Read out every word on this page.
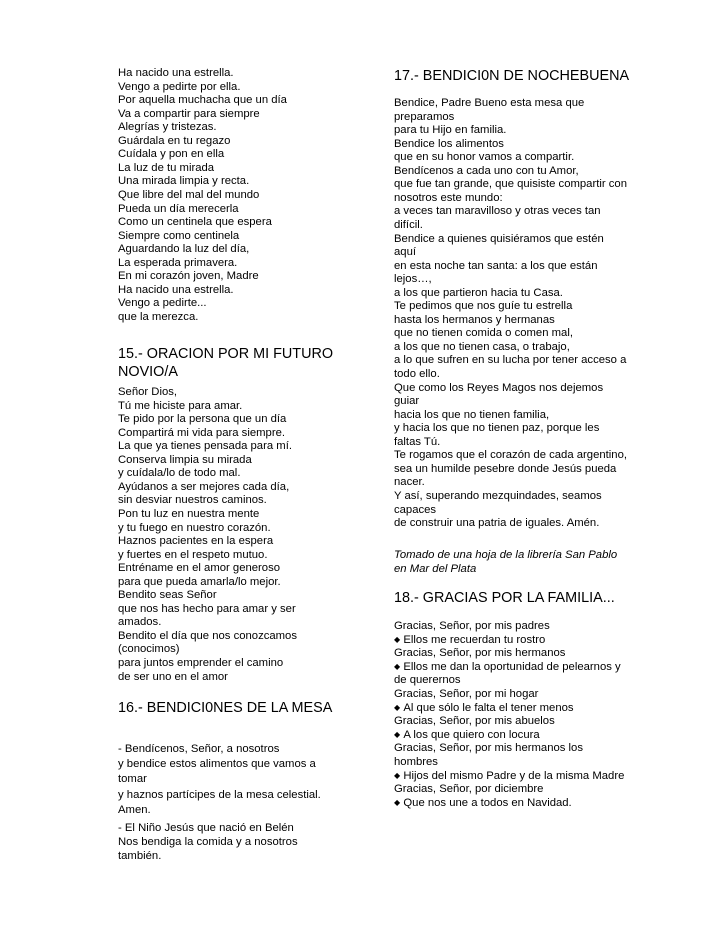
Ha nacido una estrella.
Vengo a pedirte por ella.
Por aquella muchacha que un día
Va a compartir para siempre
Alegrías y tristezas.
Guárdala en tu regazo
Cuídala y pon en ella
La luz de tu mirada
Una mirada limpia y recta.
Que libre del mal del mundo
Pueda un día merecerla
Como un centinela que espera
Siempre como centinela
Aguardando la luz del día,
La esperada primavera.
En mi corazón joven, Madre
Ha nacido una estrella.
Vengo a pedirte...
que la merezca.
15.- ORACION POR MI FUTURO
NOVIO/A
Señor Dios,
Tú me hiciste para amar.
Te pido por la persona que un día
Compartirá mi vida para siempre.
La que ya tienes pensada para mí.
Conserva limpia su mirada
y cuídala/lo de todo mal.
Ayúdanos a ser mejores cada día,
sin desviar nuestros caminos.
Pon tu luz en nuestra mente
y tu fuego en nuestro corazón.
Haznos pacientes en la espera
y fuertes en el respeto mutuo.
Entréname en el amor generoso
para que pueda amarla/lo mejor.
Bendito seas Señor
que nos has hecho para amar y ser
amados.
Bendito el día que nos conozcamos
(conocimos)
para juntos emprender el camino
de ser uno en el amor
16.- BENDICI0NES DE LA MESA
- Bendícenos, Señor, a nosotros
y bendice estos alimentos que vamos a
tomar
y haznos partícipes de la mesa celestial.
Amen.
- El Niño Jesús que nació en Belén
Nos bendiga la comida y a nosotros
también.
17.- BENDICI0N DE NOCHEBUENA
Bendice, Padre Bueno esta mesa que
preparamos
para tu Hijo en familia.
Bendice los alimentos
que en su honor vamos a compartir.
Bendícenos a cada uno con tu Amor,
que fue tan grande, que quisiste compartir con
nosotros este mundo:
a veces tan maravilloso y otras veces tan
difícil.
Bendice a quienes quisiéramos que estén
aquí
en esta noche tan santa: a los que están
lejos…,
a los que partieron hacia tu Casa.
Te pedimos que nos guíe tu estrella
hasta los hermanos y hermanas
que no tienen comida o comen mal,
a los que no tienen casa, o trabajo,
a lo que sufren en su lucha por tener acceso a
todo ello.
Que como los Reyes Magos nos dejemos
guiar
hacia los que no tienen familia,
y hacia los que no tienen paz, porque les
faltas Tú.
Te rogamos que el corazón de cada argentino,
sea un humilde pesebre donde Jesús pueda
nacer.
Y así, superando mezquindades, seamos
capaces
de construir una patria de iguales. Amén.
Tomado de una hoja de la librería San Pablo
en Mar del Plata
18.- GRACIAS POR LA FAMILIA...
Gracias, Señor, por mis padres
◆ Ellos me recuerdan tu rostro
Gracias, Señor, por mis hermanos
◆ Ellos me dan la oportunidad de pelearnos y
de querernos
Gracias, Señor, por mi hogar
◆ Al que sólo le falta el tener menos
Gracias, Señor, por mis abuelos
◆ A los que quiero con locura
Gracias, Señor, por mis hermanos los
hombres
◆ Hijos del mismo Padre y de la misma Madre
Gracias, Señor, por diciembre
◆ Que nos une a todos en Navidad.
